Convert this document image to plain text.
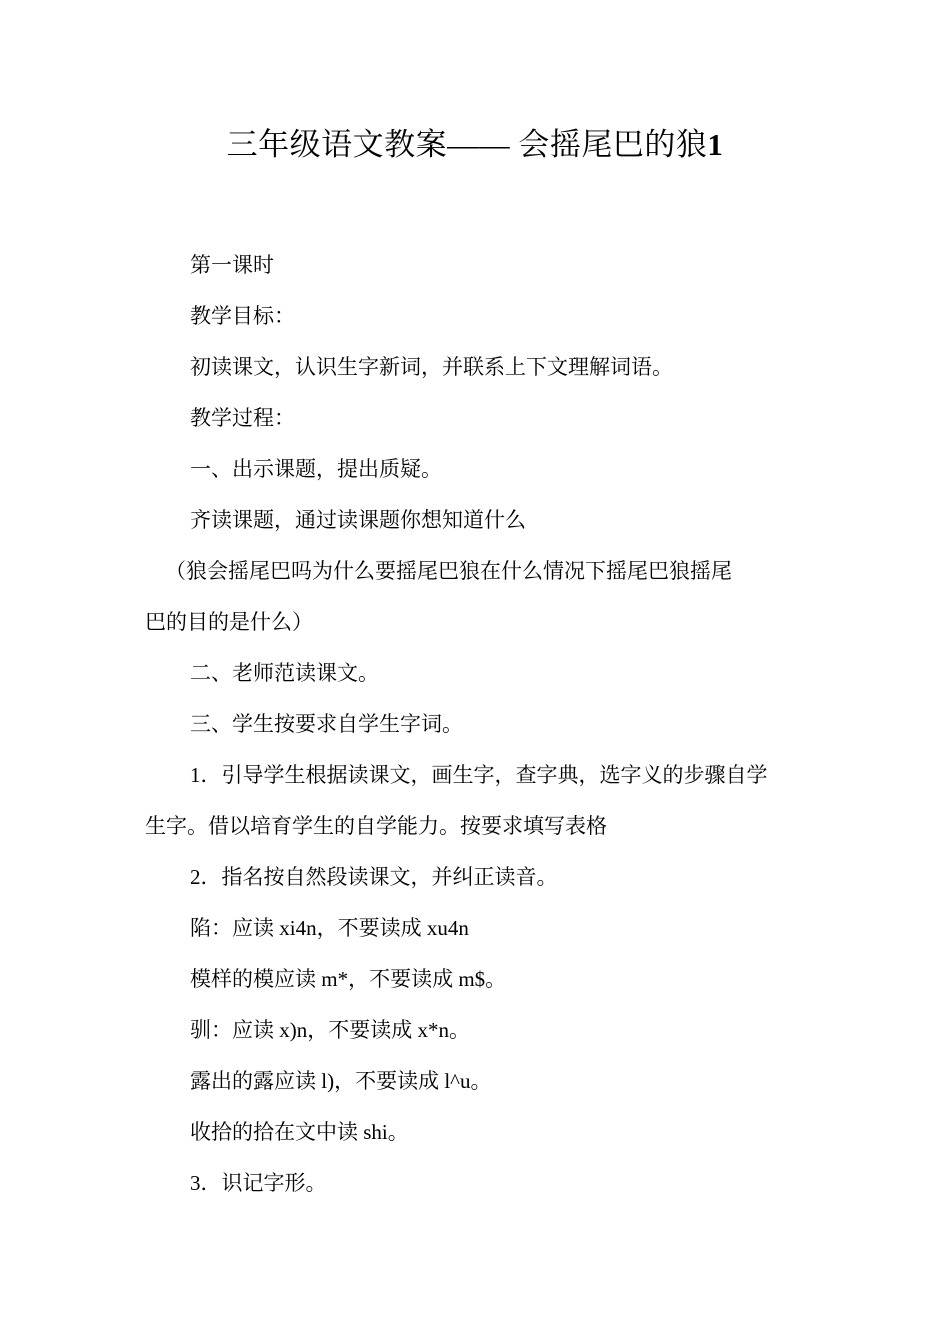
三年级语文教案—— 会摇尾巴的狼1

第一课时

教学目标：

初读课文，认识生字新词，并联系上下文理解词语。

教学过程：

一、出示课题，提出质疑。

齐读课题，通过读课题你想知道什么

（狼会摇尾巴吗为什么要摇尾巴狼在什么情况下摇尾巴狼摇尾

巴的目的是什么）

二、老师范读课文。

三、学生按要求自学生字词。

1．引导学生根据读课文，画生字，查字典，选字义的步骤自学

生字。借以培育学生的自学能力。按要求填写表格

2．指名按自然段读课文，并纠正读音。

陷：应读 xi4n，不要读成 xu4n

模样的模应读 m*，不要读成 m$。

驯：应读 x)n，不要读成 x*n。

露出的露应读 l)，不要读成 l^u。

收拾的拾在文中读 shi。

3．识记字形。
